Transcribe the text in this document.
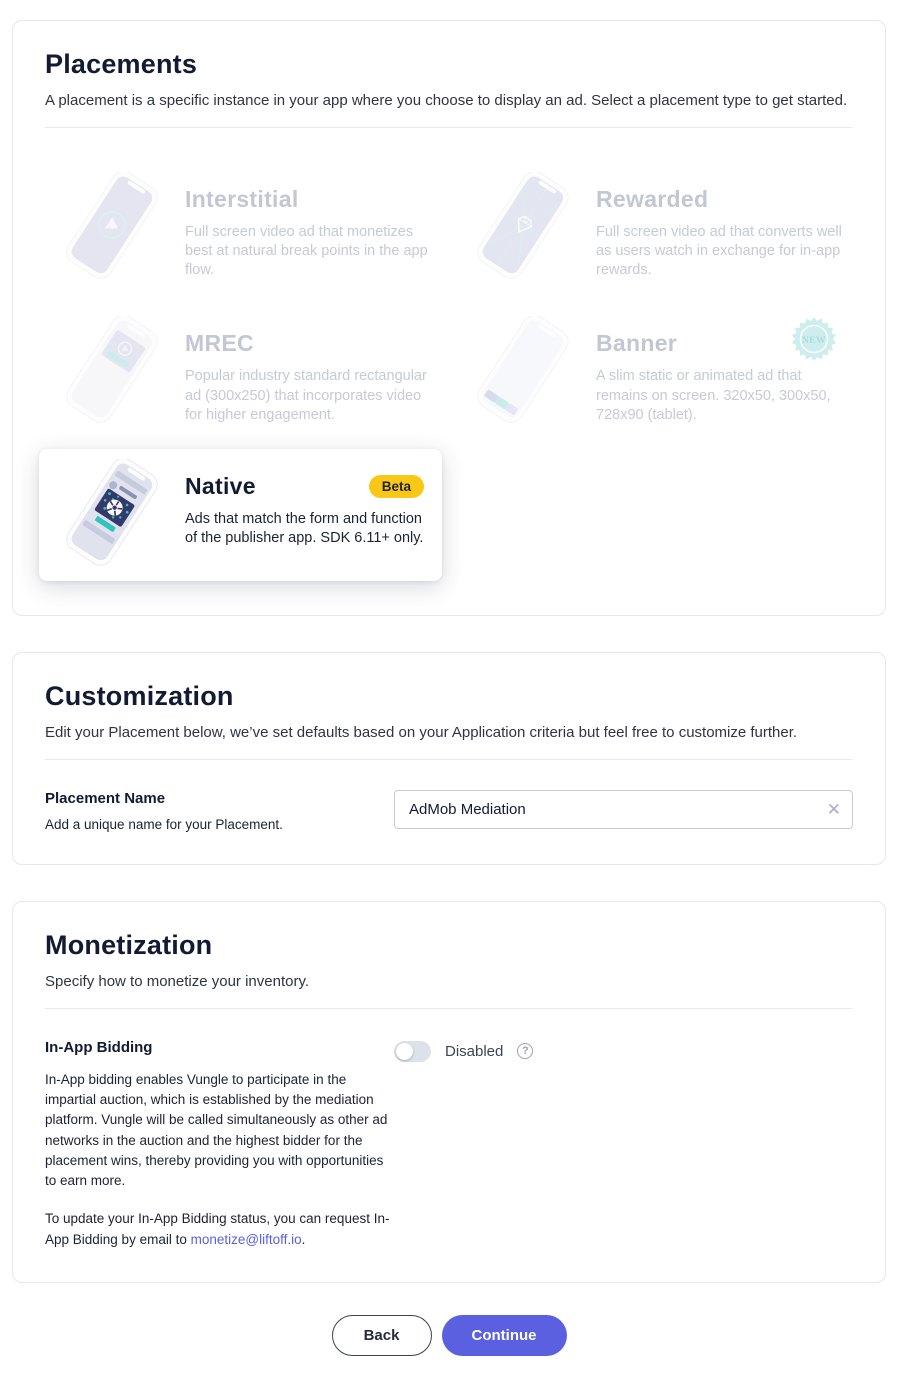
Placements

A placement is a specific instance in your app where you choose to display an ad. Select a placement type to get started.

Interstitial
Full screen video ad that monetizes best at natural break points in the app flow.
Rewarded
Full screen video ad that converts well as users watch in exchange for in-app rewards.
MREC
Popular industry standard rectangular ad (300x250) that incorporates video for higher engagement.
Banner
A slim static or animated ad that remains on screen. 320x50, 300x50, 728x90 (tablet).
NEW
Native	Beta
Ads that match the form and function of the publisher app. SDK 6.11+ only.
Customization

Edit your Placement below, we’ve set defaults based on your Application criteria but feel free to customize further.

Placement Name
Add a unique name for your Placement.
AdMob Mediation
✕
Monetization

Specify how to monetize your inventory.

In-App Bidding

In-App bidding enables Vungle to participate in the impartial auction, which is established by the mediation platform. Vungle will be called simultaneously as other ad networks in the auction and the highest bidder for the placement wins, thereby providing you with opportunities to earn more.

To update your In-App Bidding status, you can request In-App Bidding by email to monetize@liftoff.io.

Disabled	?
Back	Continue
